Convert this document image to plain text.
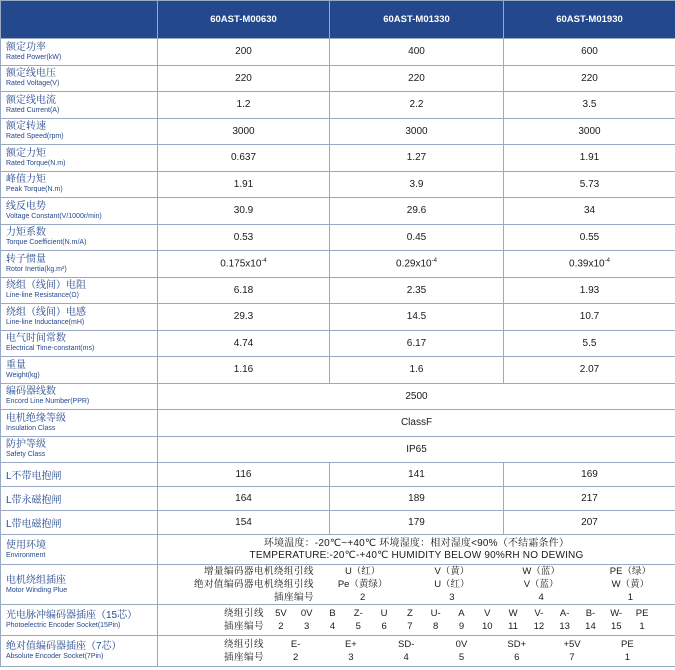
电机型号
MOTOR MODEL	60AST-M00630	60AST-M01330	60AST-M01930

额定功率
Rated Power(kW)	200	400	600

额定线电压
Rated Voltage(V)	220	220	220

额定线电流
Rated Current(A)	1.2	2.2	3.5

额定转速
Rated Speed(rpm)	3000	3000	3000

额定力矩
Rated Torque(N.m)	0.637	1.27	1.91

峰值力矩
Peak Torque(N.m)	1.91	3.9	5.73

线反电势
Voltage Constant(V/1000r/min)	30.9	29.6	34

力矩系数
Torque Coefficient(N.m/A)	0.53	0.45	0.55

转子惯量
Rotor Inertia(kg.m²)	$0.175x10^{-4}$	$0.29x10^{-4}$	$0.39x10^{-4}$

绕组（线间）电阻
Line-line Resistance(Ω)	6.18	2.35	1.93

绕组（线间）电感
Line-line Inductance(mH)	29.3	14.5	10.7

电气时间常数
Electrical Time-constant(ms)	4.74	6.17	5.5

重量
Weight(kg)	1.16	1.6	2.07

编码器线数
Encord Line Number(PPR)	2500

电机绝缘等级
Insulation Class	ClassF

防护等级
Safety Class	IP65
L不带电抱闸	116	141	169
L带永磁抱闸	164	189	217
L带电磁抱闸	154	179	207

使用环境
Environment

环境温度：-20℃~+40℃ 环境湿度：相对湿度<90%（不结霜条件）
TEMPERATURE:-20℃-+40℃ HUMIDITY BELOW 90%RH NO DEWING

电机绕组插座
Motor Winding Plue

增量编码器电机绕组引线	U（红）	V（黄）	W（蓝）	PE（绿）
绝对值编码器电机绕组引线	Pe（黄绿）	U（红）	V（蓝）	W（黄）
插座编号	2	3	4	1

光电脉冲编码器插座（15芯）
Photoelectric Encoder Socket(15Pin)

绕组引线	5V	0V	B	Z-	U	Z	U-	A	V	W	V-	A-	B-	W-	PE	
插座编号	2	3	4	5	6	7	8	9	10	11	12	13	14	15	1	

绝对值编码器插座（7芯）
Absolute Encoder Socket(7Pin)

绕组引线	E-	E+	SD-	0V	SD+	+5V	PE	
插座编号	2	3	4	5	6	7	1	
